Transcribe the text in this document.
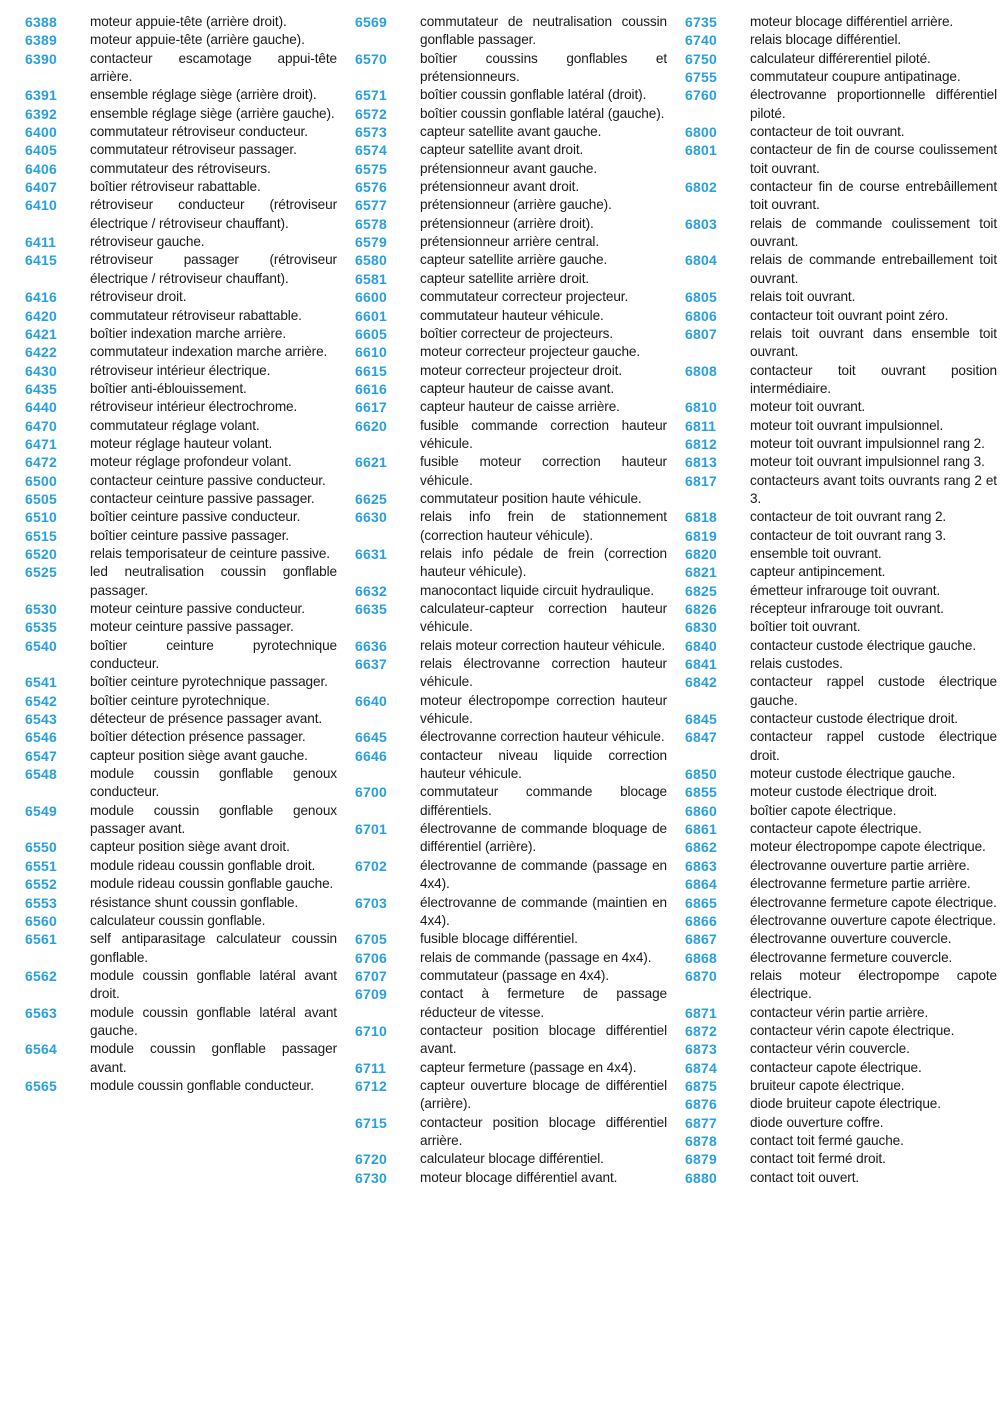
6388	moteur appuie-tête (arrière droit).
6389	moteur appuie-tête (arrière gauche).
6390	contacteur escamotage appui-tête arrière.
6391	ensemble réglage siège (arrière droit).
6392	ensemble réglage siège (arrière gauche).
6400	commutateur rétroviseur conducteur.
6405	commutateur rétroviseur passager.
6406	commutateur des rétroviseurs.
6407	boîtier rétroviseur rabattable.
6410	rétroviseur conducteur (rétroviseur électrique / rétroviseur chauffant).
6411	rétroviseur gauche.
6415	rétroviseur passager (rétroviseur électrique / rétroviseur chauffant).
6416	rétroviseur droit.
6420	commutateur rétroviseur rabattable.
6421	boîtier indexation marche arrière.
6422	commutateur indexation marche arrière.
6430	rétroviseur intérieur électrique.
6435	boîtier anti-éblouissement.
6440	rétroviseur intérieur électrochrome.
6470	commutateur réglage volant.
6471	moteur réglage hauteur volant.
6472	moteur réglage profondeur volant.
6500	contacteur ceinture passive conducteur.
6505	contacteur ceinture passive passager.
6510	boîtier ceinture passive conducteur.
6515	boîtier ceinture passive passager.
6520	relais temporisateur de ceinture passive.
6525	led neutralisation coussin gonflable passager.
6530	moteur ceinture passive conducteur.
6535	moteur ceinture passive passager.
6540	boîtier ceinture pyrotechnique conducteur.
6541	boîtier ceinture pyrotechnique passager.
6542	boîtier ceinture pyrotechnique.
6543	détecteur de présence passager avant.
6546	boîtier détection présence passager.
6547	capteur position siège avant gauche.
6548	module coussin gonflable genoux conducteur.
6549	module coussin gonflable genoux passager avant.
6550	capteur position siège avant droit.
6551	module rideau coussin gonflable droit.
6552	module rideau coussin gonflable gauche.
6553	résistance shunt coussin gonflable.
6560	calculateur coussin gonflable.
6561	self antiparasitage calculateur coussin gonflable.
6562	module coussin gonflable latéral avant droit.
6563	module coussin gonflable latéral avant gauche.
6564	module coussin gonflable passager avant.
6565	module coussin gonflable conducteur.
6569	commutateur de neutralisation coussin gonflable passager.
6570	boîtier coussins gonflables et prétensionneurs.
6571	boîtier coussin gonflable latéral (droit).
6572	boîtier coussin gonflable latéral (gauche).
6573	capteur satellite avant gauche.
6574	capteur satellite avant droit.
6575	prétensionneur avant gauche.
6576	prétensionneur avant droit.
6577	prétensionneur (arrière gauche).
6578	prétensionneur (arrière droit).
6579	prétensionneur arrière central.
6580	capteur satellite arrière gauche.
6581	capteur satellite arrière droit.
6600	commutateur correcteur projecteur.
6601	commutateur hauteur véhicule.
6605	boîtier correcteur de projecteurs.
6610	moteur correcteur projecteur gauche.
6615	moteur correcteur projecteur droit.
6616	capteur hauteur de caisse avant.
6617	capteur hauteur de caisse arrière.
6620	fusible commande correction hauteur véhicule.
6621	fusible moteur correction hauteur véhicule.
6625	commutateur position haute véhicule.
6630	relais info frein de stationnement (correction hauteur véhicule).
6631	relais info pédale de frein (correction hauteur véhicule).
6632	manocontact liquide circuit hydraulique.
6635	calculateur-capteur correction hauteur véhicule.
6636	relais moteur correction hauteur véhicule.
6637	relais électrovanne correction hauteur véhicule.
6640	moteur électropompe correction hauteur véhicule.
6645	électrovanne correction hauteur véhicule.
6646	contacteur niveau liquide correction hauteur véhicule.
6700	commutateur commande blocage différentiels.
6701	électrovanne de commande bloquage de différentiel (arrière).
6702	électrovanne de commande (passage en 4x4).
6703	électrovanne de commande (maintien en 4x4).
6705	fusible blocage différentiel.
6706	relais de commande (passage en 4x4).
6707	commutateur (passage en 4x4).
6709	contact à fermeture de passage réducteur de vitesse.
6710	contacteur position blocage différentiel avant.
6711	capteur fermeture (passage en 4x4).
6712	capteur ouverture blocage de différentiel (arrière).
6715	contacteur position blocage différentiel arrière.
6720	calculateur blocage différentiel.
6730	moteur blocage différentiel avant.
6735	moteur blocage différentiel arrière.
6740	relais blocage différentiel.
6750	calculateur différerentiel piloté.
6755	commutateur coupure antipatinage.
6760	électrovanne proportionnelle différentiel piloté.
6800	contacteur de toit ouvrant.
6801	contacteur de fin de course coulissement toit ouvrant.
6802	contacteur fin de course entrebâillement toit ouvrant.
6803	relais de commande coulissement toit ouvrant.
6804	relais de commande entrebaillement toit ouvrant.
6805	relais toit ouvrant.
6806	contacteur toit ouvrant point zéro.
6807	relais toit ouvrant dans ensemble toit ouvrant.
6808	contacteur toit ouvrant position intermédiaire.
6810	moteur toit ouvrant.
6811	moteur toit ouvrant impulsionnel.
6812	moteur toit ouvrant impulsionnel rang 2.
6813	moteur toit ouvrant impulsionnel rang 3.
6817	contacteurs avant toits ouvrants rang 2 et 3.
6818	contacteur de toit ouvrant rang 2.
6819	contacteur de toit ouvrant rang 3.
6820	ensemble toit ouvrant.
6821	capteur antipincement.
6825	émetteur infrarouge toit ouvrant.
6826	récepteur infrarouge toit ouvrant.
6830	boîtier toit ouvrant.
6840	contacteur custode électrique gauche.
6841	relais custodes.
6842	contacteur rappel custode électrique gauche.
6845	contacteur custode électrique droit.
6847	contacteur rappel custode électrique droit.
6850	moteur custode électrique gauche.
6855	moteur custode électrique droit.
6860	boîtier capote électrique.
6861	contacteur capote électrique.
6862	moteur électropompe capote électrique.
6863	électrovanne ouverture partie arrière.
6864	électrovanne fermeture partie arrière.
6865	électrovanne fermeture capote électrique.
6866	électrovanne ouverture capote électrique.
6867	électrovanne ouverture couvercle.
6868	électrovanne fermeture couvercle.
6870	relais moteur électropompe capote électrique.
6871	contacteur vérin partie arrière.
6872	contacteur vérin capote électrique.
6873	contacteur vérin couvercle.
6874	contacteur capote électrique.
6875	bruiteur capote électrique.
6876	diode bruiteur capote électrique.
6877	diode ouverture coffre.
6878	contact toit fermé gauche.
6879	contact toit fermé droit.
6880	contact toit ouvert.
